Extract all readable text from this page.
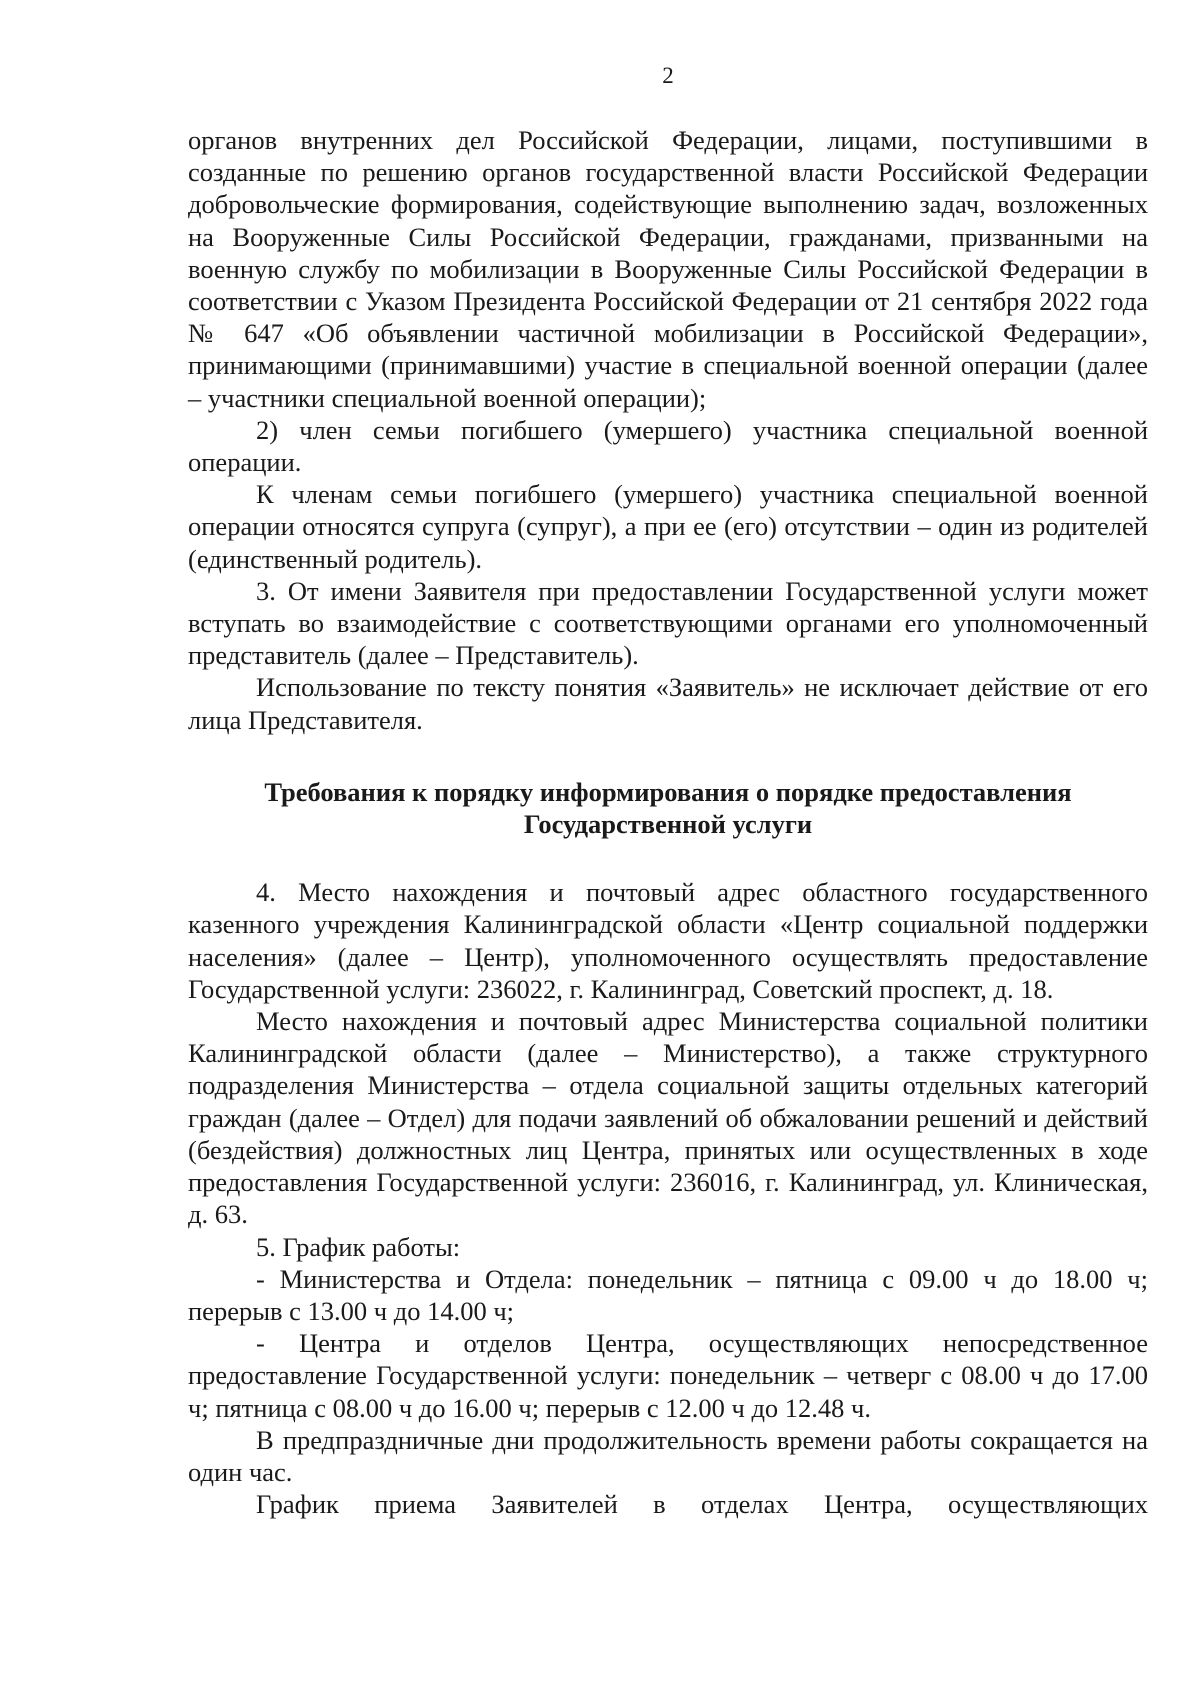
2

органов внутренних дел Российской Федерации, лицами, поступившими в созданные по решению органов государственной власти Российской Федерации добровольческие формирования, содействующие выполнению задач, возложенных на Вооруженные Силы Российской Федерации, гражданами, призванными на военную службу по мобилизации в Вооруженные Силы Российской Федерации в соответствии с Указом Президента Российской Федерации от 21 сентября 2022 года № 647 «Об объявлении частичной мобилизации в Российской Федерации», принимающими (принимавшими) участие в специальной военной операции (далее – участники специальной военной операции);

2) член семьи погибшего (умершего) участника специальной военной операции.

К членам семьи погибшего (умершего) участника специальной военной операции относятся супруга (супруг), а при ее (его) отсутствии – один из родителей (единственный родитель).

3. От имени Заявителя при предоставлении Государственной услуги может вступать во взаимодействие с соответствующими органами его уполномоченный представитель (далее – Представитель).

Использование по тексту понятия «Заявитель» не исключает действие от его лица Представителя.

Требования к порядку информирования о порядке предоставления
Государственной услуги

4. Место нахождения и почтовый адрес областного государственного казенного учреждения Калининградской области «Центр социальной поддержки населения» (далее – Центр), уполномоченного осуществлять предоставление Государственной услуги: 236022, г. Калининград, Советский проспект, д. 18.

Место нахождения и почтовый адрес Министерства социальной политики Калининградской области (далее – Министерство), а также структурного подразделения Министерства – отдела социальной защиты отдельных категорий граждан (далее – Отдел) для подачи заявлений об обжаловании решений и действий (бездействия) должностных лиц Центра, принятых или осуществленных в ходе предоставления Государственной услуги: 236016, г. Калининград, ул. Клиническая, д. 63.

5. График работы:

- Министерства и Отдела: понедельник – пятница с 09.00 ч до 18.00 ч; перерыв с 13.00 ч до 14.00 ч;

- Центра и отделов Центра, осуществляющих непосредственное предоставление Государственной услуги: понедельник – четверг с 08.00 ч до 17.00 ч; пятница с 08.00 ч до 16.00 ч; перерыв с 12.00 ч до 12.48 ч.

В предпраздничные дни продолжительность времени работы сокращается на один час.

График приема Заявителей в отделах Центра, осуществляющих
